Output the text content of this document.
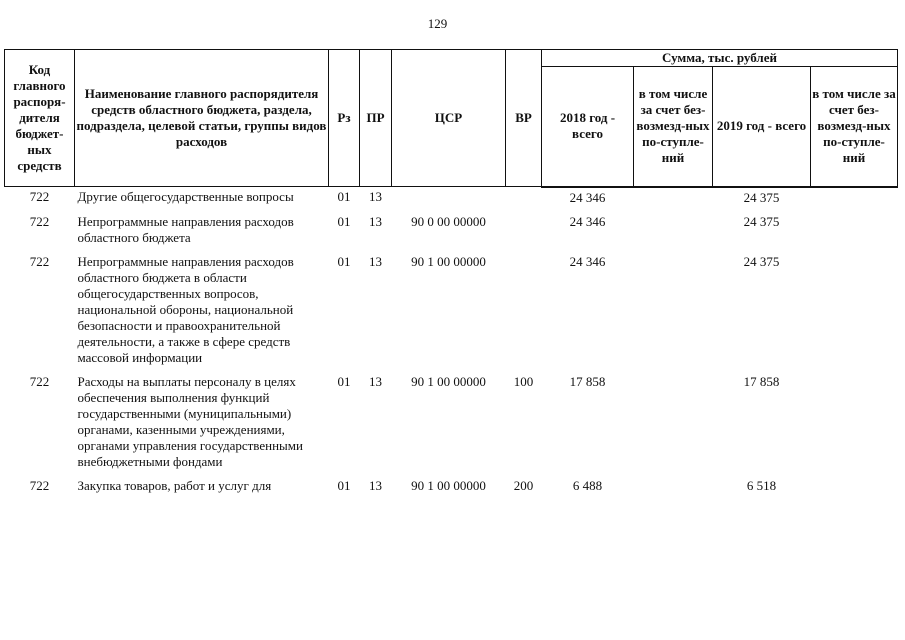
129
Код главного распоря-дителя бюджет-ных средств	Наименование главного распорядителя средств областного бюджета, раздела, подраздела, целевой статьи, группы видов расходов	Рз	ПР	ЦСР	ВР	Сумма, тыс. рублей			
						2018 год - всего	в том числе за счет без-возмезд-ных по-ступле-ний	2019 год - всего	в том числе за счет без-возмезд-ных по-ступле-ний
722	Другие общегосударственные вопросы	01	13			24 346		24 375	
722	Непрограммные направления расходов областного бюджета	01	13	90 0 00 00000		24 346		24 375	
722	Непрограммные направления расходов областного бюджета в области общегосударственных вопросов, национальной обороны, национальной безопасности и правоохранительной деятельности, а также в сфере средств массовой информации	01	13	90 1 00 00000		24 346		24 375	
722	Расходы на выплаты персоналу в целях обеспечения выполнения функций государственными (муниципальными) органами, казенными учреждениями, органами управления государственными внебюджетными фондами	01	13	90 1 00 00000	100	17 858		17 858	
722	Закупка товаров, работ и услуг для	01	13	90 1 00 00000	200	6 488		6 518	
